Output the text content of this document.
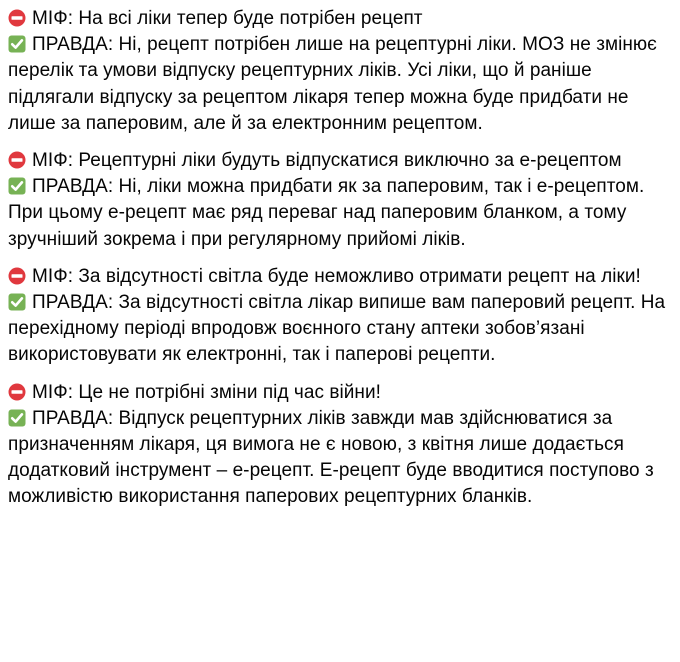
МІФ: На всі ліки тепер буде потрібен рецепт
ПРАВДА: Ні, рецепт потрібен лише на рецептурні ліки. МОЗ не змінює перелік та умови відпуску рецептурних ліків. Усі ліки, що й раніше підлягали відпуску за рецептом лікаря тепер можна буде придбати не лише за паперовим, але й за електронним рецептом.
МІФ: Рецептурні ліки будуть відпускатися виключно за е-рецептом
ПРАВДА: Ні, ліки можна придбати як за паперовим, так і е-рецептом. При цьому е-рецепт має ряд переваг над паперовим бланком, а тому зручніший зокрема і при регулярному прийомі ліків.
МІФ: За відсутності світла буде неможливо отримати рецепт на ліки!
ПРАВДА: За відсутності світла лікар випише вам паперовий рецепт. На перехідному періоді впродовж воєнного стану аптеки зобов’язані використовувати як електронні, так і паперові рецепти.
МІФ: Це не потрібні зміни під час війни!
ПРАВДА: Відпуск рецептурних ліків завжди мав здійснюватися за призначенням лікаря, ця вимога не є новою, з квітня лише додається додатковий інструмент – е-рецепт. Е-рецепт буде вводитися поступово з можливістю використання паперових рецептурних бланків.
